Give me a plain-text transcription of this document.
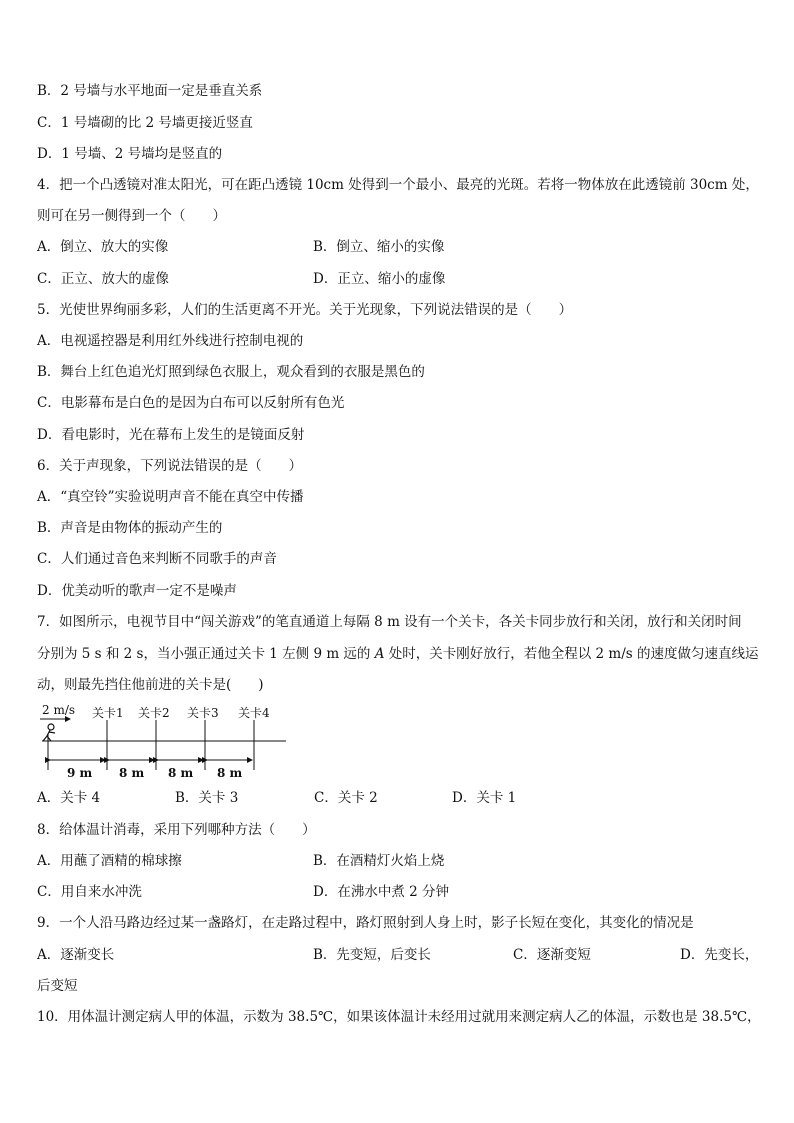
B．2 号墙与水平地面一定是垂直关系
C．1 号墙砌的比 2 号墙更接近竖直
D．1 号墙、2 号墙均是竖直的
4．把一个凸透镜对准太阳光，可在距凸透镜 10cm 处得到一个最小、最亮的光斑。若将一物体放在此透镜前 30cm 处，
则可在另一侧得到一个（　　）
A．倒立、放大的实像	B．倒立、缩小的实像
C．正立、放大的虚像	D．正立、缩小的虚像
5．光使世界绚丽多彩，人们的生活更离不开光。关于光现象，下列说法错误的是（　　）
A．电视遥控器是利用红外线进行控制电视的
B．舞台上红色追光灯照到绿色衣服上，观众看到的衣服是黑色的
C．电影幕布是白色的是因为白布可以反射所有色光
D．看电影时，光在幕布上发生的是镜面反射
6．关于声现象，下列说法错误的是（　　）
A．“真空铃”实验说明声音不能在真空中传播
B．声音是由物体的振动产生的
C．人们通过音色来判断不同歌手的声音
D．优美动听的歌声一定不是噪声
7．如图所示，电视节目中“闯关游戏”的笔直通道上每隔 8 m 设有一个关卡，各关卡同步放行和关闭，放行和关闭时间
分别为 5 s 和 2 s，当小强正通过关卡 1 左侧 9 m 远的 A 处时，关卡刚好放行，若他全程以 2 m/s 的速度做匀速直线运
动，则最先挡住他前进的关卡是(　　)
2 m/s 关卡1 关卡2 关卡3 关卡4
9 m 8 m 8 m 8 m
A．关卡 4	B．关卡 3	C．关卡 2	D．关卡 1
8．给体温计消毒，采用下列哪种方法（　　）
A．用蘸了酒精的棉球擦	B．在酒精灯火焰上烧
C．用自来水冲洗	D．在沸水中煮 2 分钟
9．一个人沿马路边经过某一盏路灯，在走路过程中，路灯照射到人身上时，影子长短在变化，其变化的情况是
A．逐渐变长	B．先变短，后变长	C．逐渐变短	D．先变长，
后变短
10．用体温计测定病人甲的体温，示数为 38.5℃，如果该体温计未经用过就用来测定病人乙的体温，示数也是 38.5℃，
